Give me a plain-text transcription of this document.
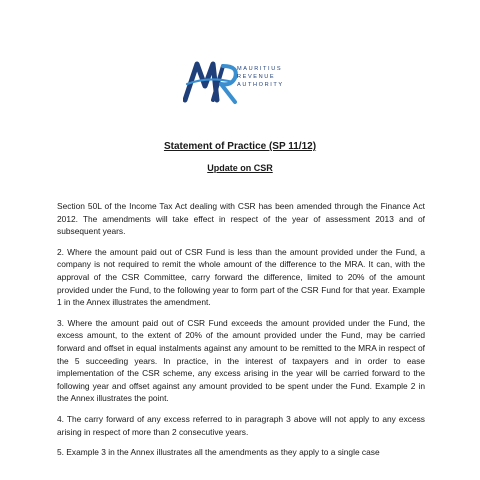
MAURITIUS
REVENUE
AUTHORITY
Statement of Practice (SP 11/12)
Update on CSR

Section 50L of the Income Tax Act dealing with CSR has been amended through the Finance Act 2012. The amendments will take effect in respect of the year of assessment 2013 and of subsequent years.

2. Where the amount paid out of CSR Fund is less than the amount provided under the Fund, a company is not required to remit the whole amount of the difference to the MRA. It can, with the approval of the CSR Committee, carry forward the difference, limited to 20% of the amount provided under the Fund, to the following year to form part of the CSR Fund for that year. Example 1 in the Annex illustrates the amendment.

3. Where the amount paid out of CSR Fund exceeds the amount provided under the Fund, the excess amount, to the extent of 20% of the amount provided under the Fund, may be carried forward and offset in equal instalments against any amount to be remitted to the MRA in respect of the 5 succeeding years. In practice, in the interest of taxpayers and in order to ease implementation of the CSR scheme, any excess arising in the year will be carried forward to the following year and offset against any amount provided to be spent under the Fund. Example 2 in the Annex illustrates the point.

4. The carry forward of any excess referred to in paragraph 3 above will not apply to any excess arising in respect of more than 2 consecutive years.

5. Example 3 in the Annex illustrates all the amendments as they apply to a single case
